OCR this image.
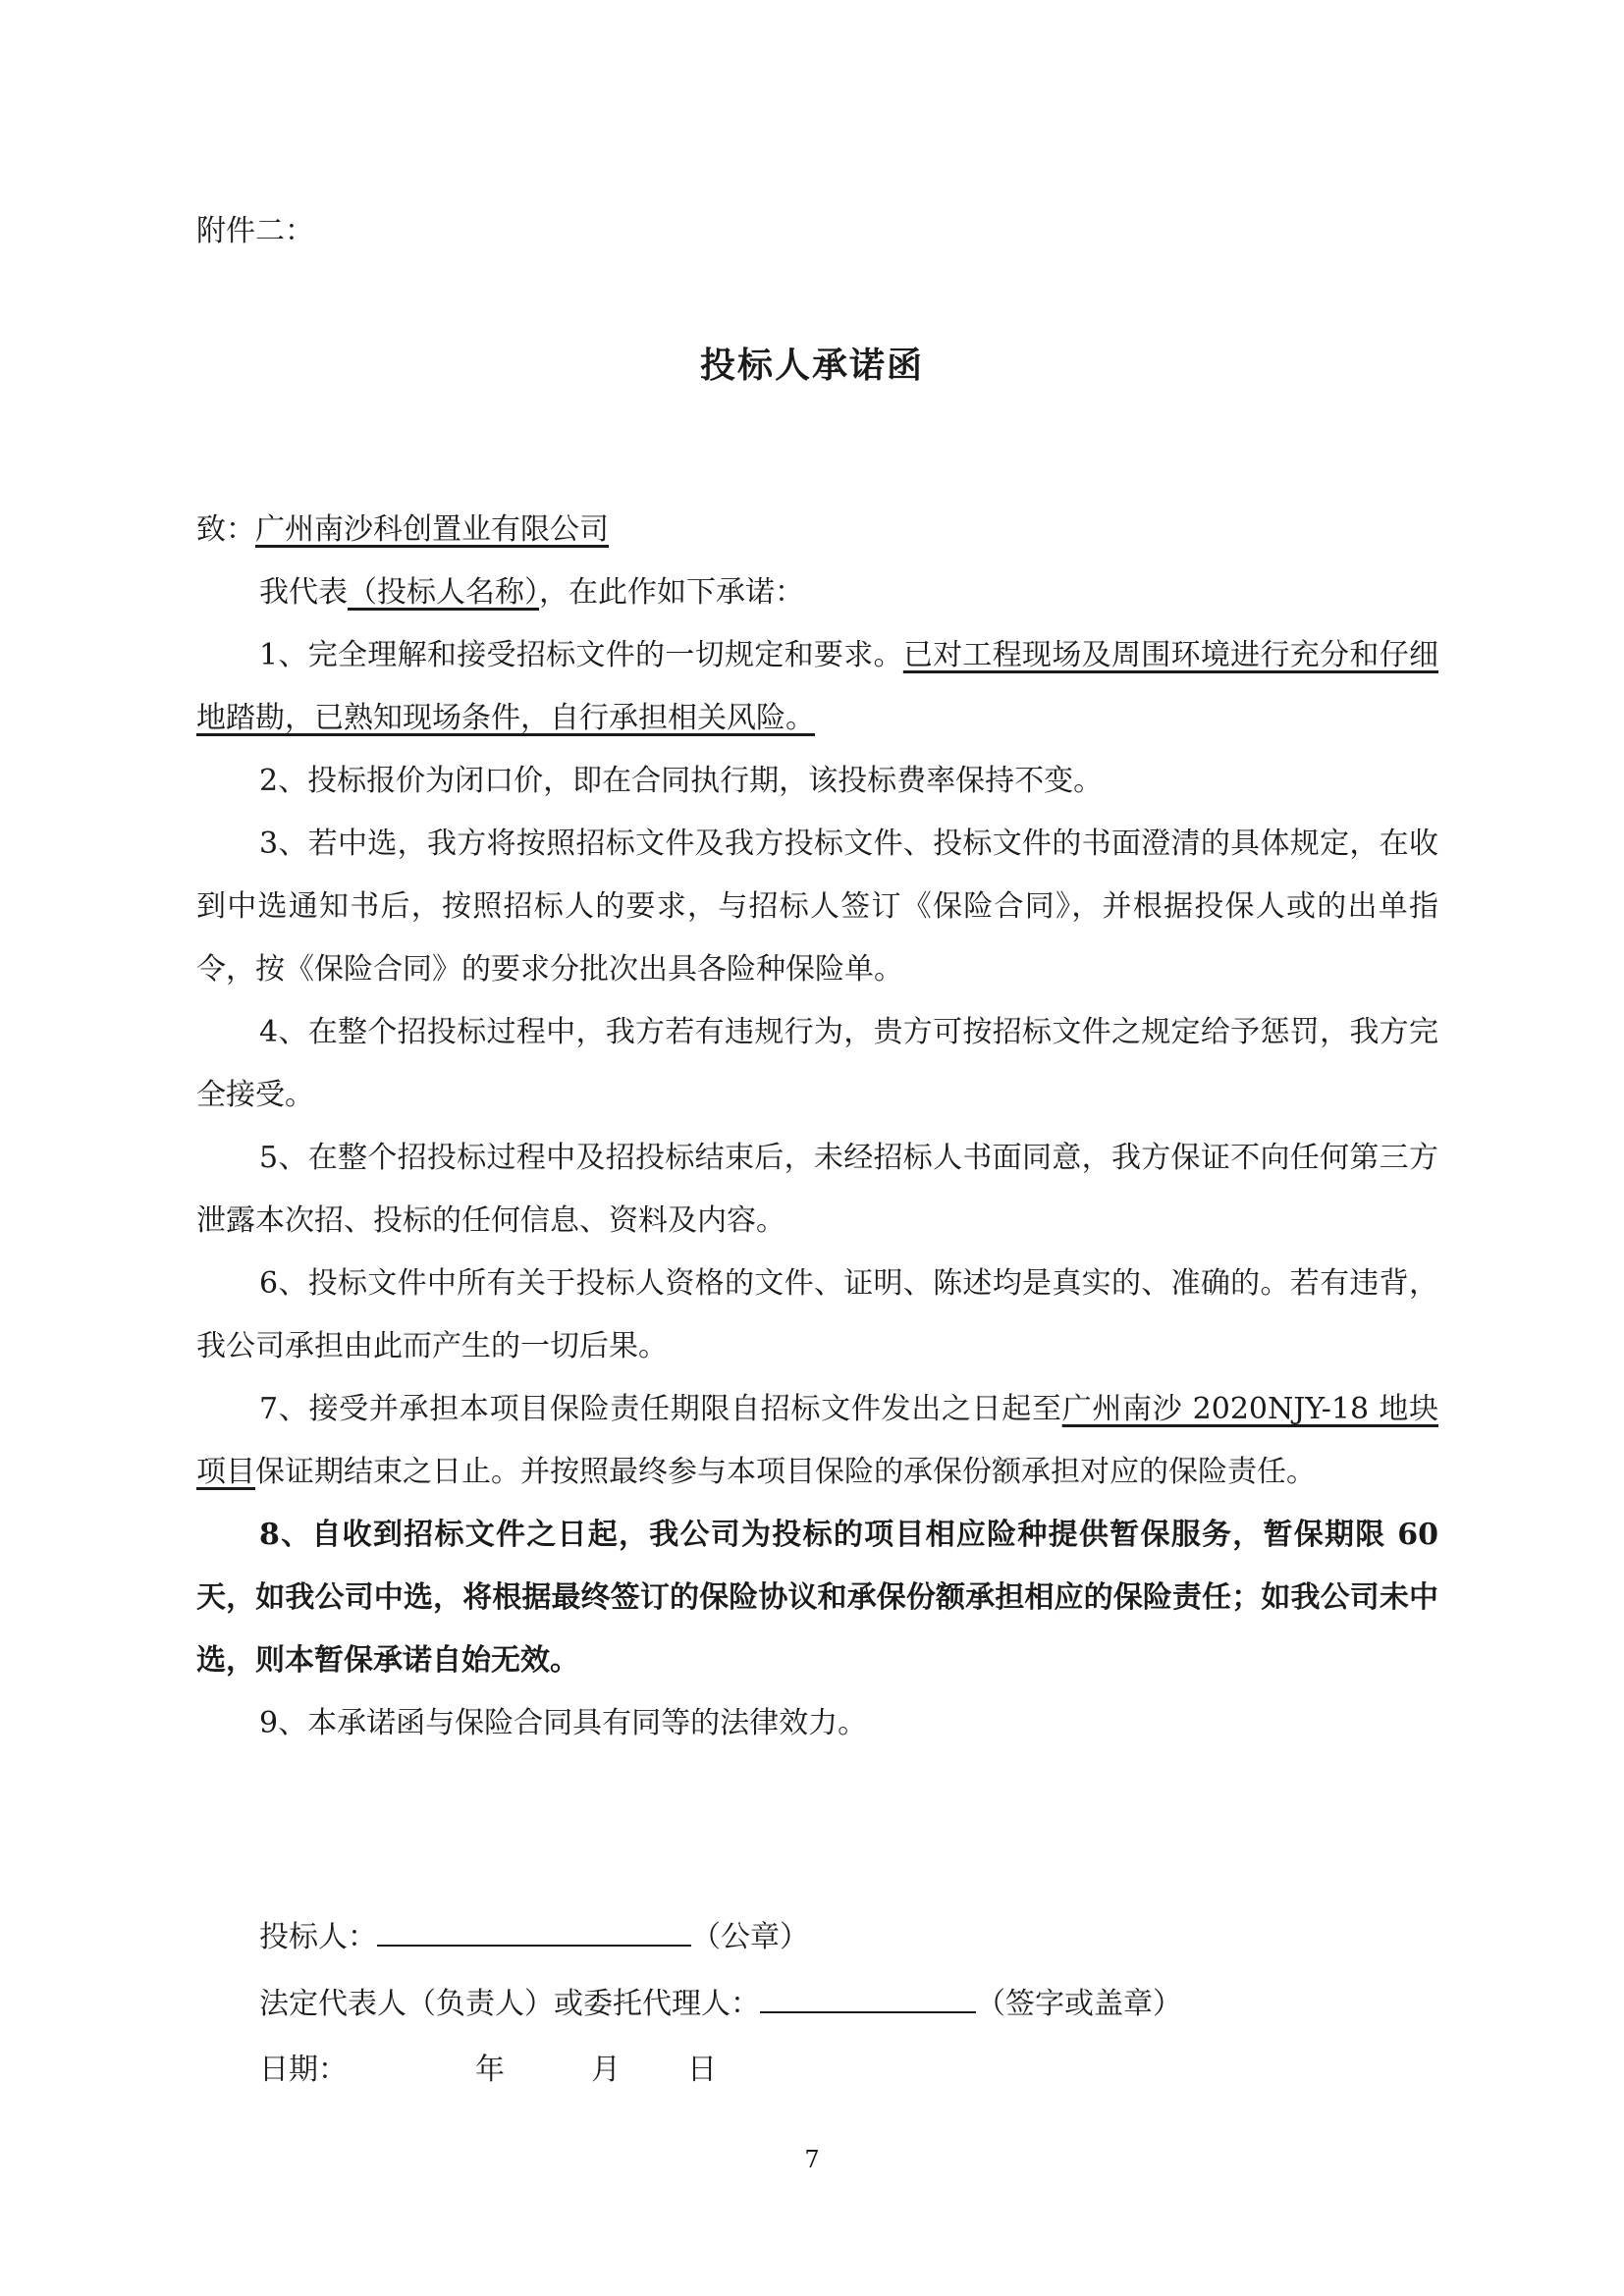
附件二：
投标人承诺函

致：广州南沙科创置业有限公司

我代表（投标人名称），在此作如下承诺：

1、完全理解和接受招标文件的一切规定和要求。已对工程现场及周围环境进行充分和仔细地踏勘，已熟知现场条件，自行承担相关风险。

2、投标报价为闭口价，即在合同执行期，该投标费率保持不变。

3、若中选，我方将按照招标文件及我方投标文件、投标文件的书面澄清的具体规定，在收到中选通知书后，按照招标人的要求，与招标人签订《保险合同》，并根据投保人或的出单指令，按《保险合同》的要求分批次出具各险种保险单。

4、在整个招投标过程中，我方若有违规行为，贵方可按招标文件之规定给予惩罚，我方完全接受。

5、在整个招投标过程中及招投标结束后，未经招标人书面同意，我方保证不向任何第三方泄露本次招、投标的任何信息、资料及内容。

6、投标文件中所有关于投标人资格的文件、证明、陈述均是真实的、准确的。若有违背，我公司承担由此而产生的一切后果。

7、接受并承担本项目保险责任期限自招标文件发出之日起至广州南沙 2020NJY-18 地块项目保证期结束之日止。并按照最终参与本项目保险的承保份额承担对应的保险责任。

8、自收到招标文件之日起，我公司为投标的项目相应险种提供暂保服务，暂保期限 60 天，如我公司中选，将根据最终签订的保险协议和承保份额承担相应的保险责任；如我公司未中选，则本暂保承诺自始无效。

9、本承诺函与保险合同具有同等的法律效力。

投标人：	（公章）
法定代表人（负责人）或委托代理人：	（签字或盖章）
日期：	年	月 日
7
